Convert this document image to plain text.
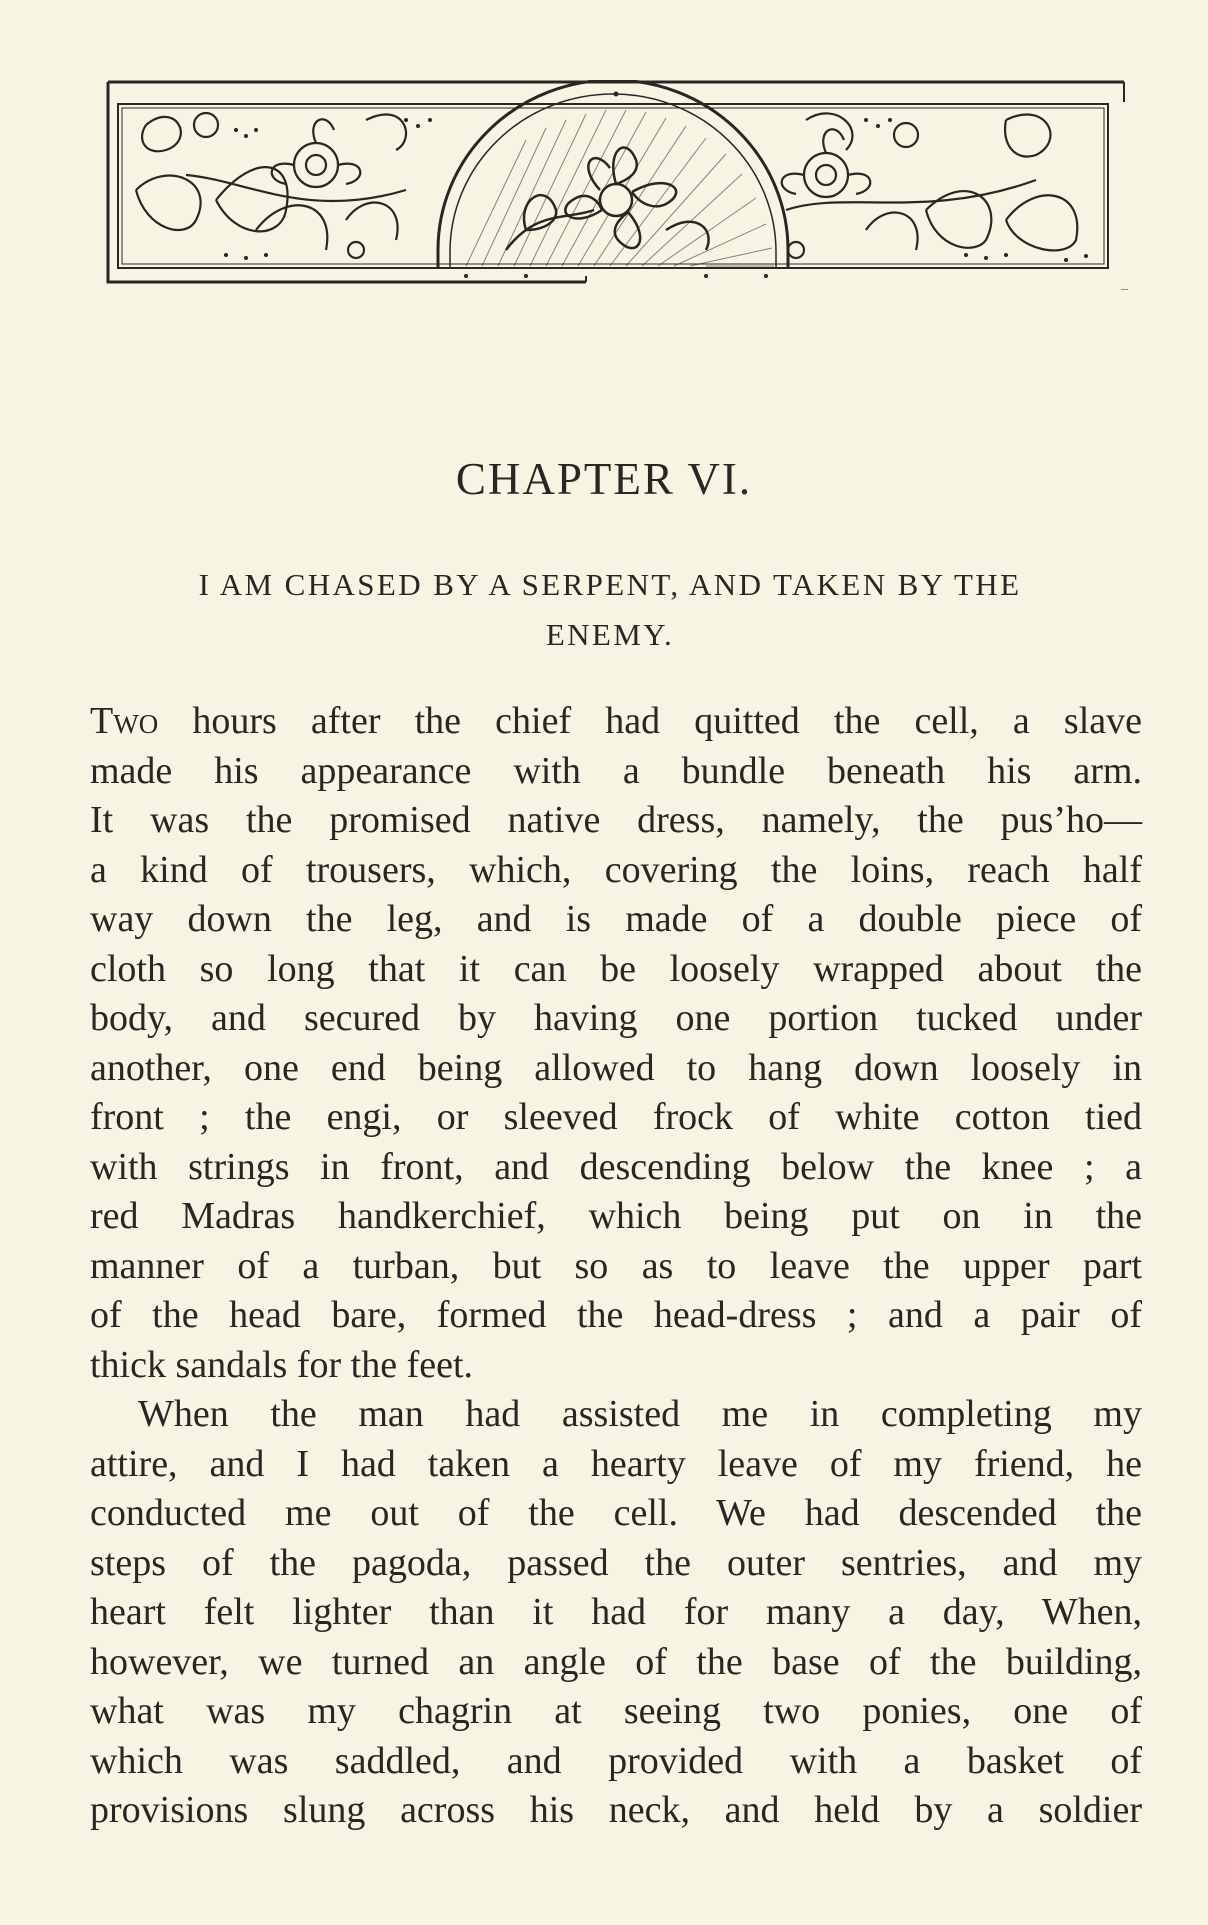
CHAPTER VI.
I AM CHASED BY A SERPENT, AND TAKEN BY THE
ENEMY.

Two hours after the chief had quitted the cell, a slave
made his appearance with a bundle beneath his arm.
It was the promised native dress, namely, the pus’ho—
a kind of trousers, which, covering the loins, reach half
way down the leg, and is made of a double piece of
cloth so long that it can be loosely wrapped about the
body, and secured by having one portion tucked under
another, one end being allowed to hang down loosely in
front ; the engi, or sleeved frock of white cotton tied
with strings in front, and descending below the knee ; a
red Madras handkerchief, which being put on in the
manner of a turban, but so as to leave the upper part
of the head bare, formed the head-dress ; and a pair of
thick sandals for the feet.

When the man had assisted me in completing my
attire, and I had taken a hearty leave of my friend, he
conducted me out of the cell. We had descended the
steps of the pagoda, passed the outer sentries, and my
heart felt lighter than it had for many a day, When,
however, we turned an angle of the base of the building,
what was my chagrin at seeing two ponies, one of
which was saddled, and provided with a basket of
provisions slung across his neck, and held by a soldier
